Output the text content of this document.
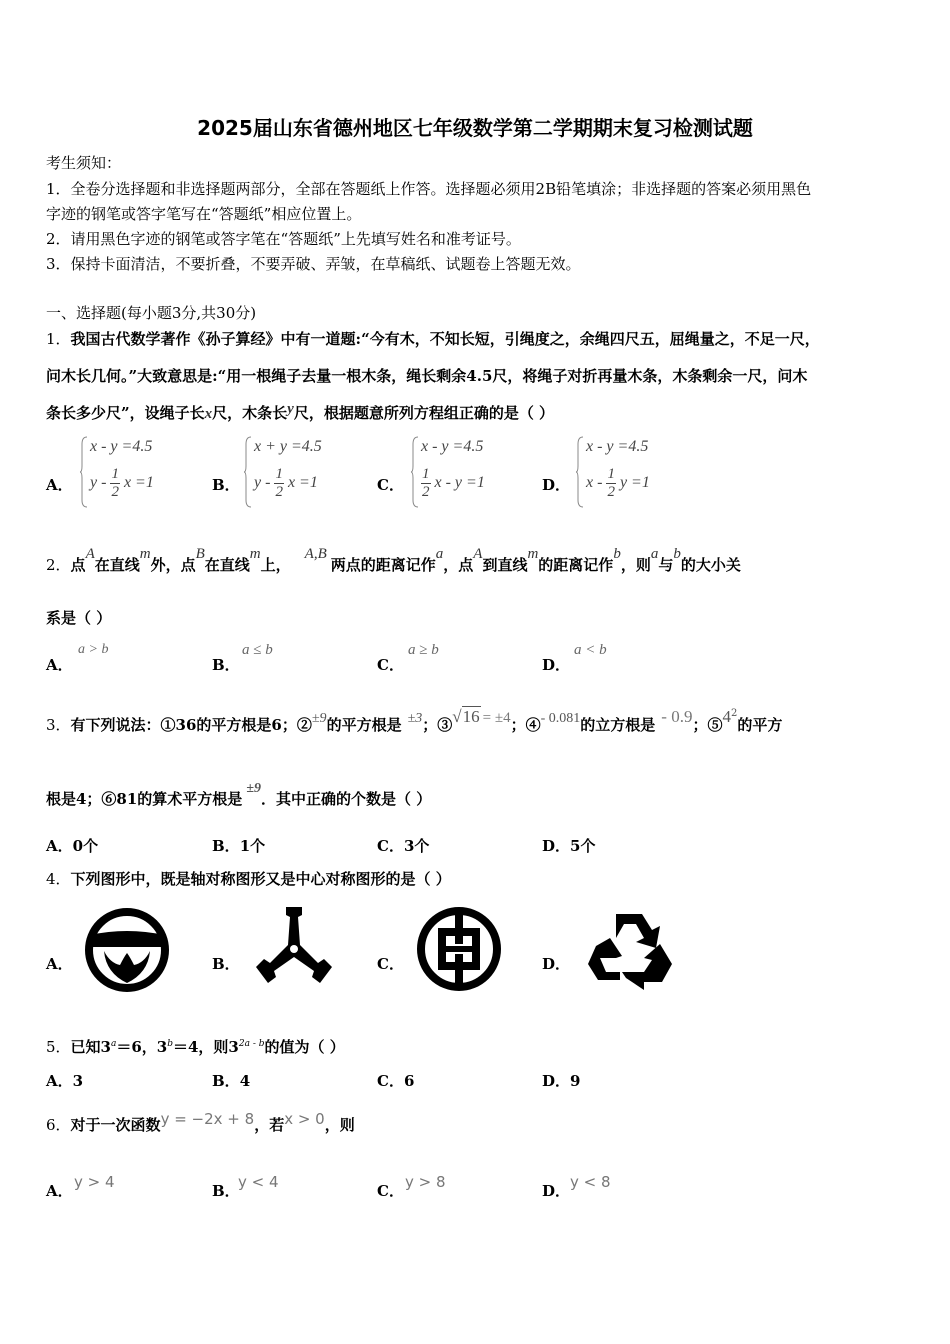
2025届山东省德州地区七年级数学第二学期期末复习检测试题
考生须知：
1．全卷分选择题和非选择题两部分，全部在答题纸上作答。选择题必须用2B铅笔填涂；非选择题的答案必须用黑色
字迹的钢笔或答字笔写在“答题纸”相应位置上。
2．请用黑色字迹的钢笔或答字笔在“答题纸”上先填写姓名和准考证号。
3．保持卡面清洁，不要折叠，不要弄破、弄皱，在草稿纸、试题卷上答题无效。
一、选择题(每小题3分,共30分)
1．我国古代数学著作《孙子算经》中有一道题:“今有木，不知长短，引绳度之，余绳四尺五，屈绳量之，不足一尺，
问木长几何。”大致意思是:“用一根绳子去量一根木条，绳长剩余4.5尺，将绳子对折再量木条，木条剩余一尺，问木
条长多少尺”，设绳子长x尺，木条长y尺，根据题意所列方程组正确的是（ ）
A．
x - y =4.5
y - $\frac{1}{2}$ x =1	B．
x + y =4.5
y - $\frac{1}{2}$ x =1	C．
x - y =4.5
$\frac{1}{2}$ x - y =1	D．
x - y =4.5
x - $\frac{1}{2}$ y =1
2．点A在直线m外，点B在直线m上，A,B两点的距离记作a，点A到直线m的距离记作b，则a与b的大小关
系是（ ）
A．
a > b
B．
a ≤ b
C．
a ≥ b
D．
a < b
3．有下列说法：①36的平方根是6；②±9的平方根是 ±3；③√16 = ±4；④- 0.081的立方根是 - 0.9；$⑤4^2$的平方
根是4；⑥81的算术平方根是±9．其中正确的个数是（ ）
A．0个	B．1个	C．3个	D．5个
4．下列图形中，既是轴对称图形又是中心对称图形的是（ ）
A．	B．	C．	D．
5．已知$3^a=6$，$3^b=4$，则$3^{2a - b}$的值为（ ）
A．3	B．4	C．6	D．9
6．对于一次函数y = −2x + 8，若x > 0，则
A． y > 4	B．
y < 4	C． y > 8	D． y < 8
